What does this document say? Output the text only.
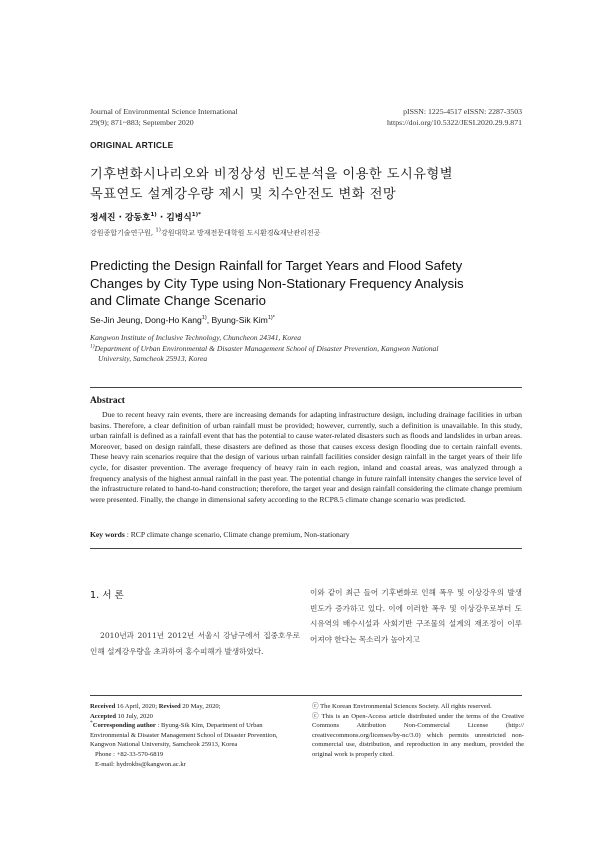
Journal of Environmental Science International
29(9); 871~883; September 2020
pISSN: 1225-4517 eISSN: 2287-3503
https://doi.org/10.5322/JESI.2020.29.9.871
ORIGINAL ARTICLE
기후변화시나리오와 비정상성 빈도분석을 이용한 도시유형별
목표연도 설계강우량 제시 및 치수안전도 변화 전망
정세진 · 강동호$^{1)}$ · 김병식$^{1)*}$
강원종합기술연구원, $^{1)}$강원대학교 방재전문대학원 도시환경&재난관리전공
Predicting the Design Rainfall for Target Years and Flood Safety
Changes by City Type using Non-Stationary Frequency Analysis
and Climate Change Scenario
Se-Jin Jeung, Dong-Ho Kang$^{1)}$, Byung-Sik Kim$^{1)*}$

Kangwon Institute of Inclusive Technology, Chuncheon 24341, Korea

$^{1)}$Department of Urban Environmental & Disaster Management School of Disaster Prevention, Kangwon National

University, Samcheok 25913, Korea

Abstract
Due to recent heavy rain events, there are increasing demands for adapting infrastructure design, including drainage facilities in urban basins. Therefore, a clear definition of urban rainfall must be provided; however, currently, such a definition is unavailable. In this study, urban rainfall is defined as a rainfall event that has the potential to cause water-related disasters such as floods and landslides in urban areas. Moreover, based on design rainfall, these disasters are defined as those that causes excess design flooding due to certain rainfall events. These heavy rain scenarios require that the design of various urban rainfall facilities consider design rainfall in the target years of their life cycle, for disaster prevention. The average frequency of heavy rain in each region, inland and coastal areas, was analyzed through a frequency analysis of the highest annual rainfall in the past year. The potential change in future rainfall intensity changes the service level of the infrastructure related to hand-to-hand construction; therefore, the target year and design rainfall considering the climate change premium were presented. Finally, the change in dimensional safety according to the RCP8.5 climate change scenario was predicted.
Key words : RCP climate change scenario, Climate change premium, Non-stationary
1. 서 론
2010년과 2011년 2012년 서울시 강남구에서 집중호우로 인해 설계강우량을 초과하여 홍수피해가 발생하였다.
이와 같이 최근 들어 기후변화로 인해 폭우 및 이상강우의 발생 빈도가 증가하고 있다. 이에 이러한 폭우 및 이상강우로부터 도시유역의 배수시설과 사회기반 구조물의 설계의 재조정이 이루어져야 한다는 목소리가 높아지고
Received 16 April, 2020; Revised 20 May, 2020;
Accepted 10 July, 2020
*Corresponding author : Byung-Sik Kim, Department of Urban Environmental & Disaster Management School of Disaster Prevention, Kangwon National University, Samcheok 25913, Korea
Phone : +82-33-570-6819
E-mail: hydrokbs@kangwon.ac.kr
ⓒ The Korean Environmental Sciences Society. All rights reserved.
ⓒ This is an Open-Access article distributed under the terms of the Creative Commons Attribution Non-Commercial License (http:// creativecommons.org/licenses/by-nc/3.0) which permits unrestricted non-commercial use, distribution, and reproduction in any medium, provided the original work is properly cited.
